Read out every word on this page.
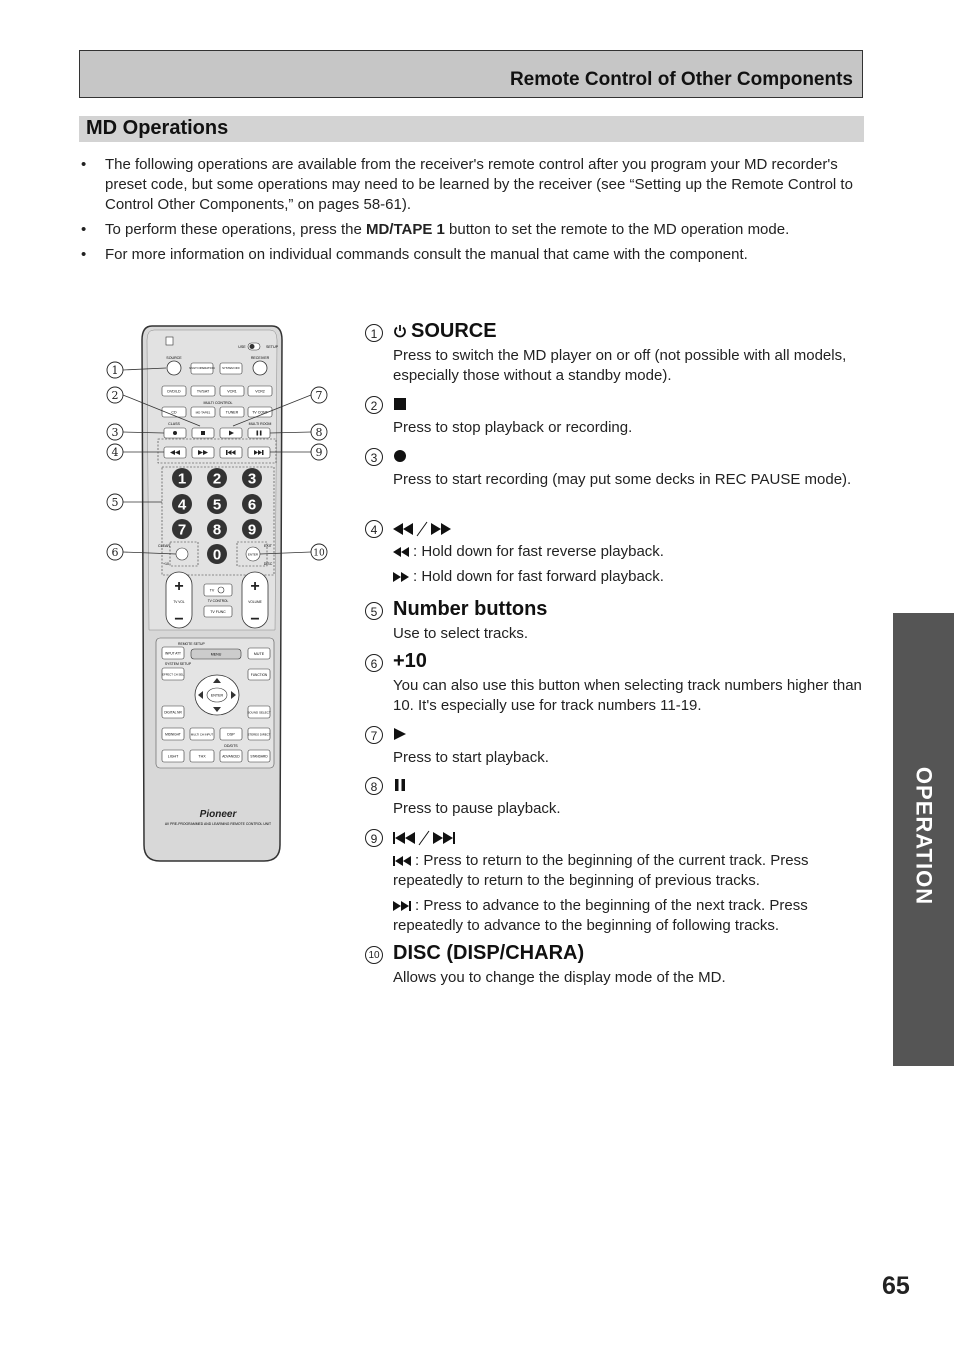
Remote Control of Other Components
MD Operations
• The following operations are available from the receiver's remote control after you program your MD recorder's preset code, but some operations may need to be learned by the receiver (see “Setting up the Remote Control to Control Other Components,” on pages 58-61).
• To perform these operations, press the MD/TAPE 1 button to set the remote to the MD operation mode.
• For more information on individual commands consult the manual that came with the component.
OPERATION
65
USE	SETUP
SOURCE	RECEIVER
MULTI OPERATION	SYSTEM OFF
DVD/LD	TV/SAT	VCR1	VCR2
MULTI CONTROL
CD	MD TAPE1	TUNER	TV CONT
CLASS	MULTI ROOM
1 2 3
4 5 6
7 8 9
0
CLEAR	EXIT
+10
ENTER
DISC
+
−
TV VOL
+
−
VOLUME
TV
TV CONTROL
TV FUNC
REMOTE SETUP
INPUT ATT	MENU	MUTE
SYSTEM SETUP
EFFECT CH SEL	FUNCTION
ENTER
DIGITAL NR	SOUND SELECT
MIDNIGHT	MULTI CH INPUT	DSP	STEREO DIRECT
DD/DTS
LIGHT	THX	ADVANCED	STANDARD
Pioneer
AV PRE-PROGRAMMED AND LEARNING REMOTE CONTROL UNIT
1
2
3
4
5
6
7
8
9
10
1	SOURCE

Press to switch the MD player on or off (not possible with all models, especially those without a standby mode).

2

Press to stop playback or recording.

3

Press to start recording (may put some decks in REC PAUSE mode).

4

: Hold down for fast reverse playback.

: Hold down for fast forward playback.

5 Number buttons

Use to select tracks.

6 +10

You can also use this button when selecting track numbers higher than 10. It's especially use for track numbers 11-19.

7

Press to start playback.

8

Press to pause playback.

9

: Press to return to the beginning of the current track. Press repeatedly to return to the beginning of previous tracks.

: Press to advance to the beginning of the next track. Press repeatedly to advance to the beginning of following tracks.

10 DISC (DISP/CHARA)

Allows you to change the display mode of the MD.
